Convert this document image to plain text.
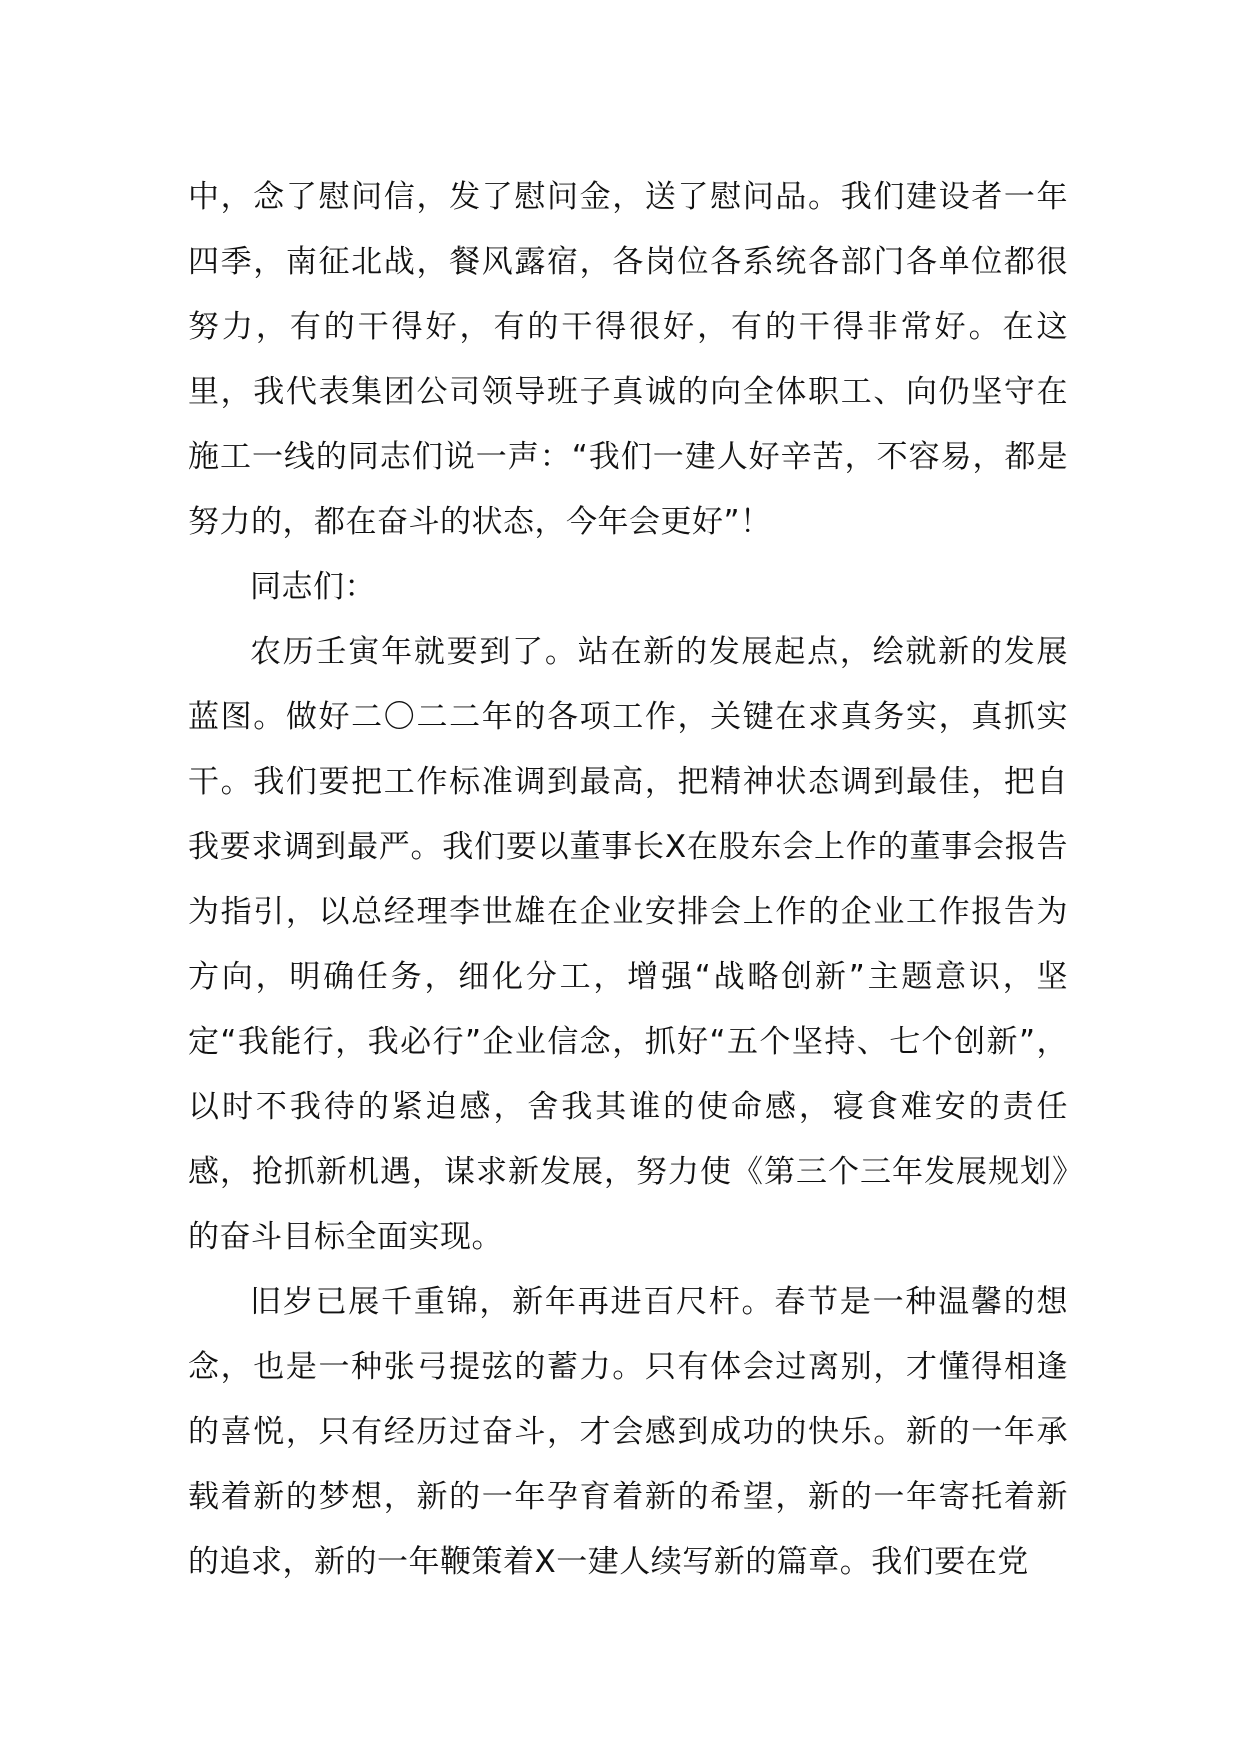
中，念了慰问信，发了慰问金，送了慰问品。我们建设者一年四季，南征北战，餐风露宿，各岗位各系统各部门各单位都很努力，有的干得好，有的干得很好，有的干得非常好。在这里，我代表集团公司领导班子真诚的向全体职工、向仍坚守在施工一线的同志们说一声：“我们一建人好辛苦，不容易，都是努力的，都在奋斗的状态，今年会更好”！

同志们：

农历壬寅年就要到了。站在新的发展起点，绘就新的发展蓝图。做好二〇二二年的各项工作，关键在求真务实，真抓实干。我们要把工作标准调到最高，把精神状态调到最佳，把自我要求调到最严。我们要以董事长X在股东会上作的董事会报告为指引，以总经理李世雄在企业安排会上作的企业工作报告为方向，明确任务，细化分工，增强“战略创新”主题意识，坚定“我能行，我必行”企业信念，抓好“五个坚持、七个创新”，以时不我待的紧迫感，舍我其谁的使命感，寝食难安的责任感，抢抓新机遇，谋求新发展，努力使《第三个三年发展规划》的奋斗目标全面实现。

旧岁已展千重锦，新年再进百尺杆。春节是一种温馨的想念，也是一种张弓提弦的蓄力。只有体会过离别，才懂得相逢的喜悦，只有经历过奋斗，才会感到成功的快乐。新的一年承载着新的梦想，新的一年孕育着新的希望，新的一年寄托着新的追求，新的一年鞭策着X一建人续写新的篇章。我们要在党
